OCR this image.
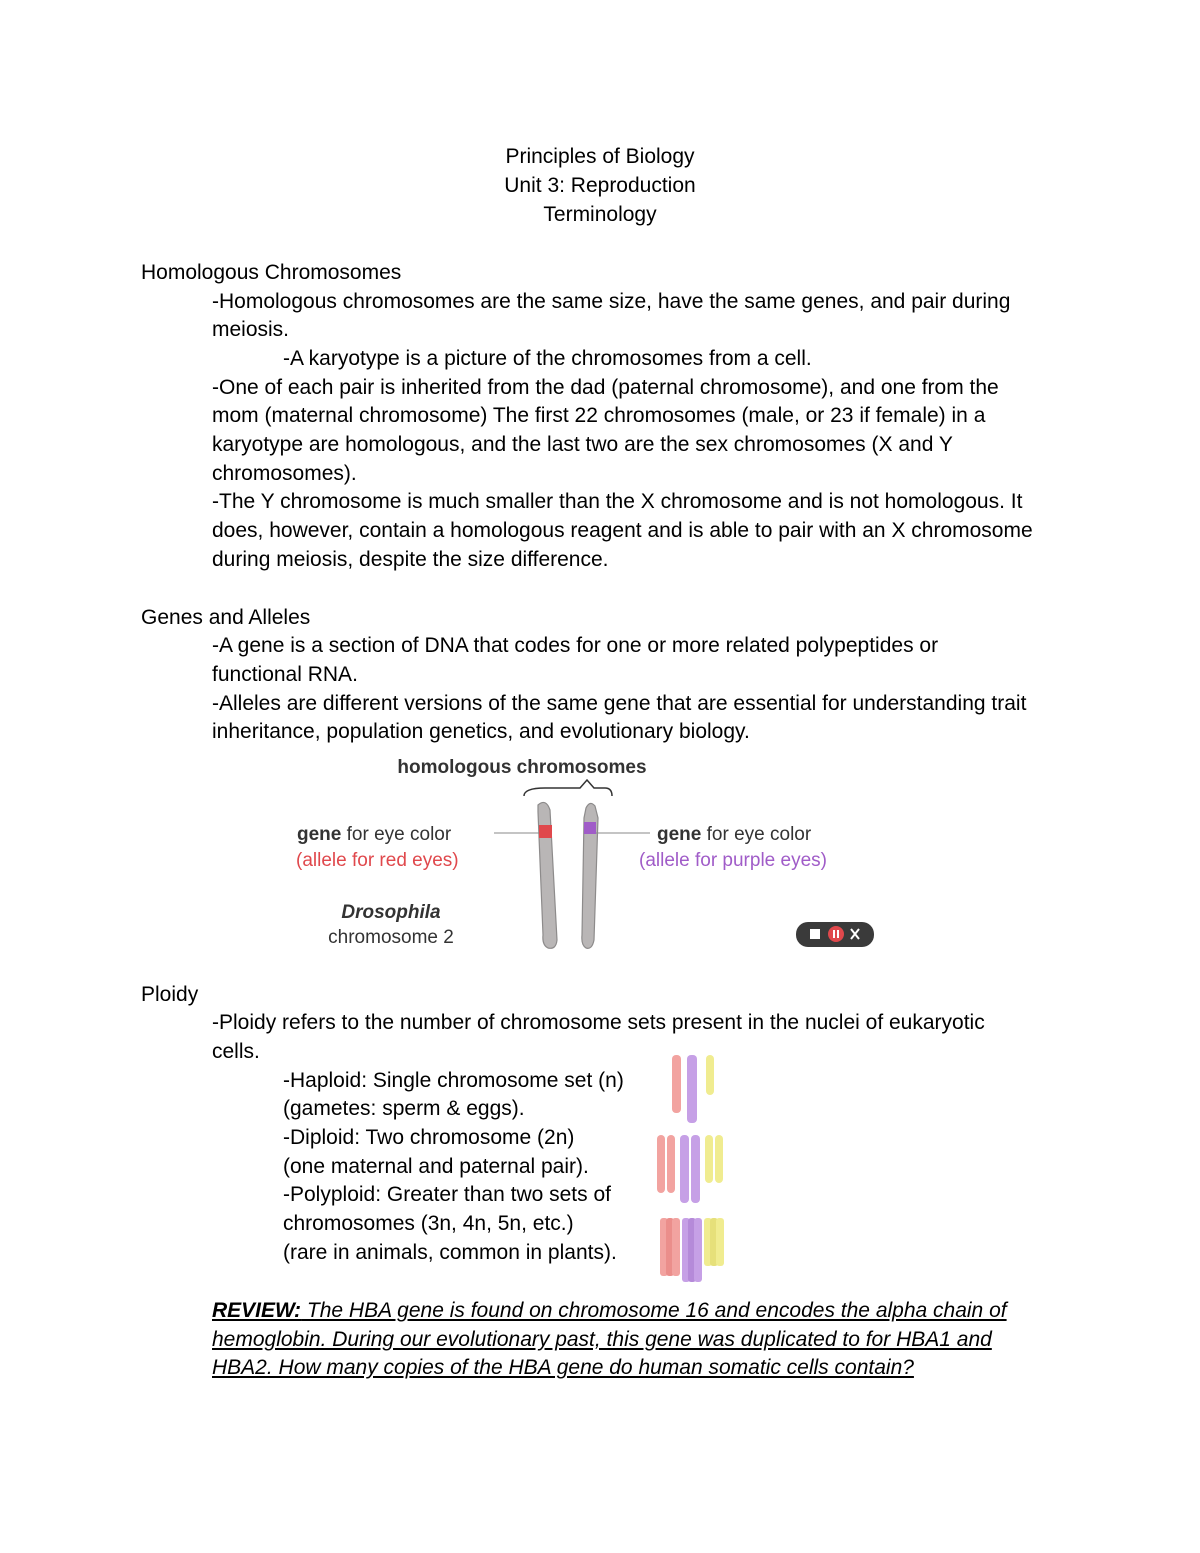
Principles of Biology
Unit 3: Reproduction
Terminology
Homologous Chromosomes
-Homologous chromosomes are the same size, have the same genes, and pair during
meiosis.
-A karyotype is a picture of the chromosomes from a cell.
-One of each pair is inherited from the dad (paternal chromosome), and one from the
mom (maternal chromosome) The first 22 chromosomes (male, or 23 if female) in a
karyotype are homologous, and the last two are the sex chromosomes (X and Y
chromosomes).
-The Y chromosome is much smaller than the X chromosome and is not homologous. It
does, however, contain a homologous reagent and is able to pair with an X chromosome
during meiosis, despite the size difference.
Genes and Alleles
-A gene is a section of DNA that codes for one or more related polypeptides or
functional RNA.
-Alleles are different versions of the same gene that are essential for understanding trait
inheritance, population genetics, and evolutionary biology.
homologous chromosomes
gene for eye color
(allele for red eyes)
gene for eye color
(allele for purple eyes)
Drosophila
chromosome 2
Ploidy
-Ploidy refers to the number of chromosome sets present in the nuclei of eukaryotic
cells.
-Haploid: Single chromosome set (n)
(gametes: sperm & eggs).
-Diploid: Two chromosome (2n)
(one maternal and paternal pair).
-Polyploid: Greater than two sets of
chromosomes (3n, 4n, 5n, etc.)
(rare in animals, common in plants).
REVIEW: The HBA gene is found on chromosome 16 and encodes the alpha chain of
hemoglobin. During our evolutionary past, this gene was duplicated to for HBA1 and
HBA2. How many copies of the HBA gene do human somatic cells contain?
